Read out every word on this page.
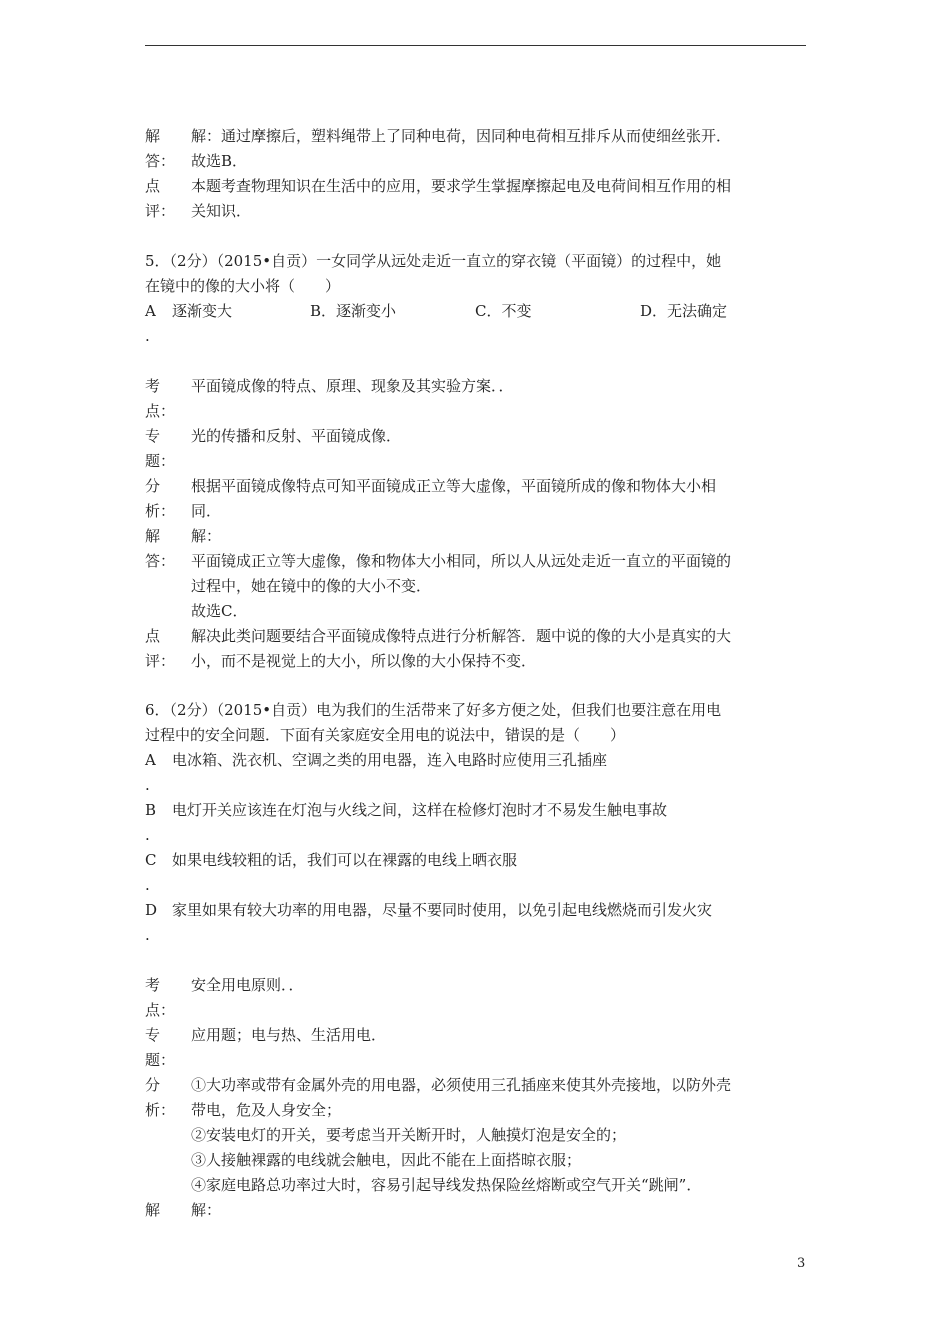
解 解：通过摩擦后，塑料绳带上了同种电荷，因同种电荷相互排斥从而使细丝张开．
答： 故选B．
点 本题考查物理知识在生活中的应用，要求学生掌握摩擦起电及电荷间相互作用的相
评： 关知识．
5．（2分）（2015•自贡）一女同学从远处走近一直立的穿衣镜（平面镜）的过程中，她
在镜中的像的大小将（　　）
A 逐渐变大	B．逐渐变小	C．不变	D．无法确定
.
考 平面镜成像的特点、原理、现象及其实验方案．．
点：
专 光的传播和反射、平面镜成像．
题：
分 根据平面镜成像特点可知平面镜成正立等大虚像，平面镜所成的像和物体大小相
析： 同．
解 解：
答： 平面镜成正立等大虚像，像和物体大小相同，所以人从远处走近一直立的平面镜的
过程中，她在镜中的像的大小不变．
故选C．
点 解决此类问题要结合平面镜成像特点进行分析解答．题中说的像的大小是真实的大
评： 小，而不是视觉上的大小，所以像的大小保持不变．
6．（2分）（2015•自贡）电为我们的生活带来了好多方便之处，但我们也要注意在用电
过程中的安全问题．下面有关家庭安全用电的说法中，错误的是（　　）
A 电冰箱、洗衣机、空调之类的用电器，连入电路时应使用三孔插座
.
B 电灯开关应该连在灯泡与火线之间，这样在检修灯泡时才不易发生触电事故
.
C 如果电线较粗的话，我们可以在裸露的电线上晒衣服
.
D 家里如果有较大功率的用电器，尽量不要同时使用，以免引起电线燃烧而引发火灾
.
考 安全用电原则．．
点：
专 应用题；电与热、生活用电．
题：
分 ①大功率或带有金属外壳的用电器，必须使用三孔插座来使其外壳接地，以防外壳
析： 带电，危及人身安全；
②安装电灯的开关，要考虑当开关断开时，人触摸灯泡是安全的；
③人接触裸露的电线就会触电，因此不能在上面搭晾衣服；
④家庭电路总功率过大时，容易引起导线发热保险丝熔断或空气开关“跳闸”．
解 解：
3
